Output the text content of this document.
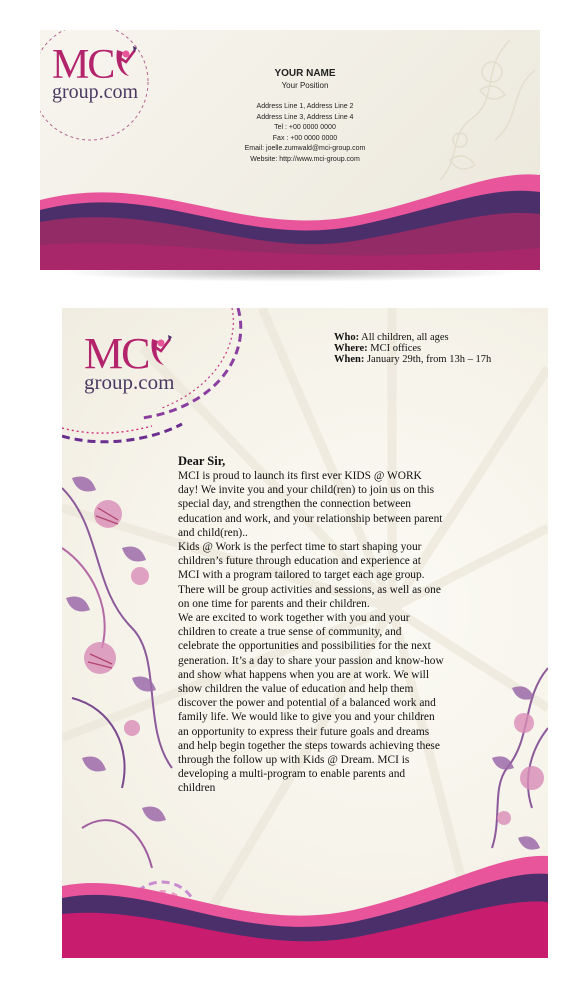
MC
group.com
YOUR NAME
Your Position
Address Line 1, Address Line 2
Address Line 3, Address Line 4
Tel : +00 0000 0000
Fax : +00 0000 0000
Email: joelle.zumwald@mci-group.com
Website: http://www.mci-group.com
MC
group.com
Who: All children, all ages
Where: MCI offices
When: January 29th, from 13h – 17h
Dear Sir,

MCI is proud to launch its first ever KIDS @ WORK day! We invite you and your child(ren) to join us on this special day, and strengthen the connection between education and work, and your relationship between parent and child(ren)..

Kids @ Work is the perfect time to start shaping your children’s future through education and experience at MCI with a program tailored to target each age group. There will be group activities and sessions, as well as one on one time for parents and their children.

We are excited to work together with you and your children to create a true sense of community, and celebrate the opportunities and possibilities for the next generation. It’s a day to share your passion and know-how and show what happens when you are at work. We will show children the value of education and help them discover the power and potential of a balanced work and family life. We would like to give you and your children an opportunity to express their future goals and dreams and help begin together the steps towards achieving these through the follow up with Kids @ Dream. MCI is developing a multi-program to enable parents and children
